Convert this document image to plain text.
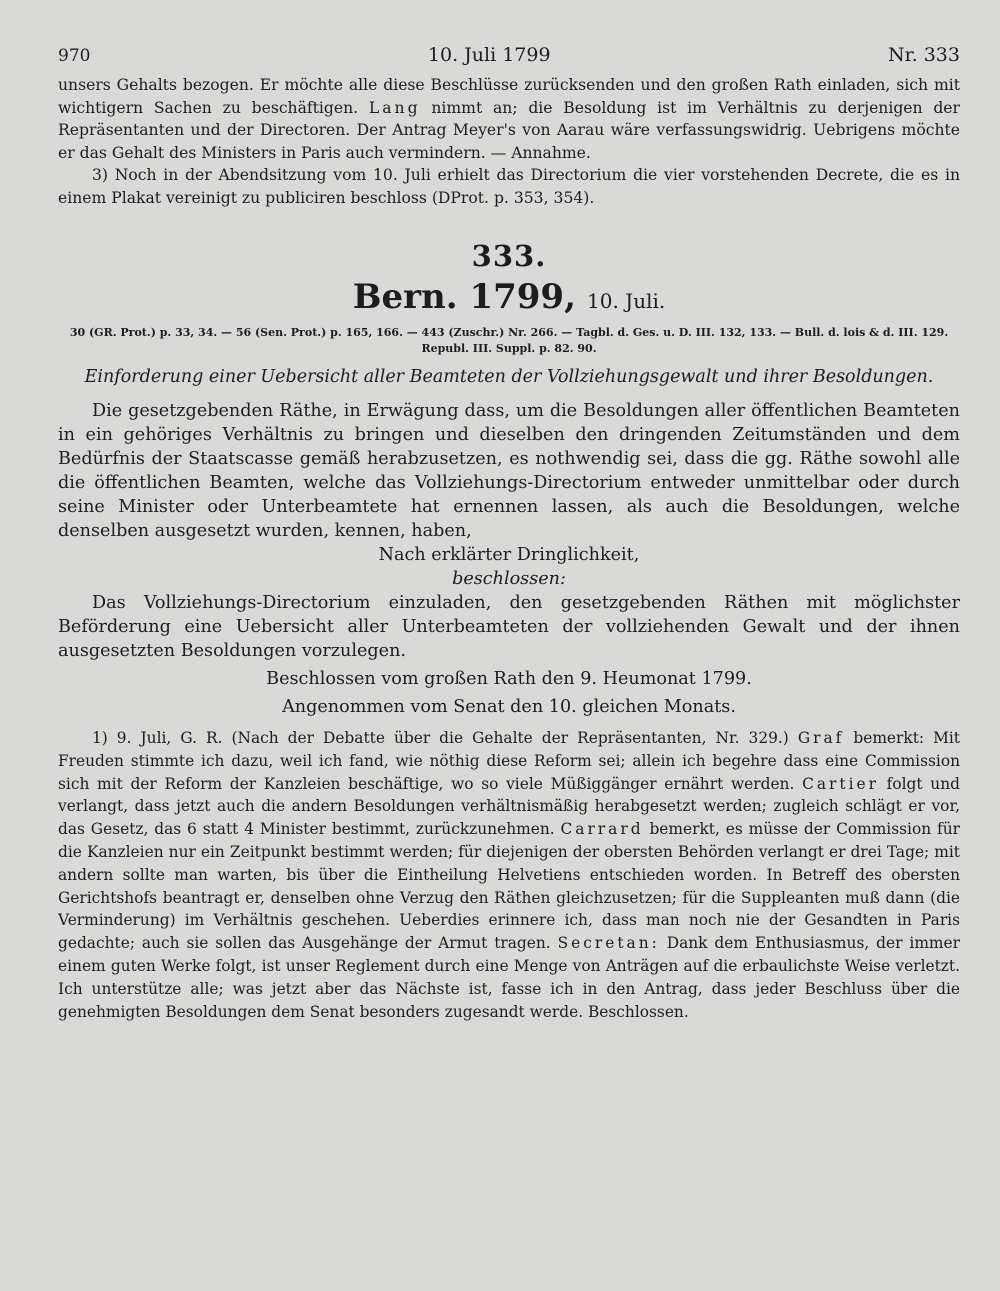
970	10. Juli 1799	Nr. 333

unsers Gehalts bezogen. Er möchte alle diese Beschlüsse zurücksenden und den großen Rath einladen, sich mit wichtigern Sachen zu beschäftigen. Lang nimmt an; die Besoldung ist im Verhältnis zu derjenigen der Repräsentanten und der Directoren. Der Antrag Meyer's von Aarau wäre verfassungswidrig. Uebrigens möchte er das Gehalt des Ministers in Paris auch vermindern. — Annahme.

3) Noch in der Abendsitzung vom 10. Juli erhielt das Directorium die vier vorstehenden Decrete, die es in einem Plakat vereinigt zu publiciren beschloss (DProt. p. 353, 354).

333.
Bern. 1799, 10. Juli.
30 (GR. Prot.) p. 33, 34. — 56 (Sen. Prot.) p. 165, 166. — 443 (Zuschr.) Nr. 266. — Tagbl. d. Ges. u. D. III. 132, 133. — Bull. d. lois & d. III. 129.
Republ. III. Suppl. p. 82. 90.
Einforderung einer Uebersicht aller Beamteten der Vollziehungsgewalt und ihrer Besoldungen.

Die gesetzgebenden Räthe, in Erwägung dass, um die Besoldungen aller öffentlichen Beamteten in ein gehöriges Verhältnis zu bringen und dieselben den dringenden Zeitumständen und dem Bedürfnis der Staatscasse gemäß herabzusetzen, es nothwendig sei, dass die gg. Räthe sowohl alle die öffentlichen Beamten, welche das Vollziehungs-Directorium entweder unmittelbar oder durch seine Minister oder Unterbeamtete hat ernennen lassen, als auch die Besoldungen, welche denselben ausgesetzt wurden, kennen, haben,

Nach erklärter Dringlichkeit,

beschlossen:

Das Vollziehungs-Directorium einzuladen, den gesetzgebenden Räthen mit möglichster Beförderung eine Uebersicht aller Unterbeamteten der vollziehenden Gewalt und der ihnen ausgesetzten Besoldungen vorzulegen.

Beschlossen vom großen Rath den 9. Heumonat 1799.

Angenommen vom Senat den 10. gleichen Monats.

1) 9. Juli, G. R. (Nach der Debatte über die Gehalte der Repräsentanten, Nr. 329.) Graf bemerkt: Mit Freuden stimmte ich dazu, weil ich fand, wie nöthig diese Reform sei; allein ich begehre dass eine Commission sich mit der Reform der Kanzleien beschäftige, wo so viele Müßiggänger ernährt werden. Cartier folgt und verlangt, dass jetzt auch die andern Besoldungen verhältnismäßig herabgesetzt werden; zugleich schlägt er vor, das Gesetz, das 6 statt 4 Minister bestimmt, zurückzunehmen. Carrard bemerkt, es müsse der Commission für die Kanzleien nur ein Zeitpunkt bestimmt werden; für diejenigen der obersten Behörden verlangt er drei Tage; mit andern sollte man warten, bis über die Eintheilung Helvetiens entschieden worden. In Betreff des obersten Gerichtshofs beantragt er, denselben ohne Verzug den Räthen gleichzusetzen; für die Suppleanten muß dann (die Verminderung) im Verhältnis geschehen. Ueberdies erinnere ich, dass man noch nie der Gesandten in Paris gedachte; auch sie sollen das Ausgehänge der Armut tragen. Secretan: Dank dem Enthusiasmus, der immer einem guten Werke folgt, ist unser Reglement durch eine Menge von Anträgen auf die erbaulichste Weise verletzt. Ich unterstütze alle; was jetzt aber das Nächste ist, fasse ich in den Antrag, dass jeder Beschluss über die genehmigten Besoldungen dem Senat besonders zugesandt werde. Beschlossen.
